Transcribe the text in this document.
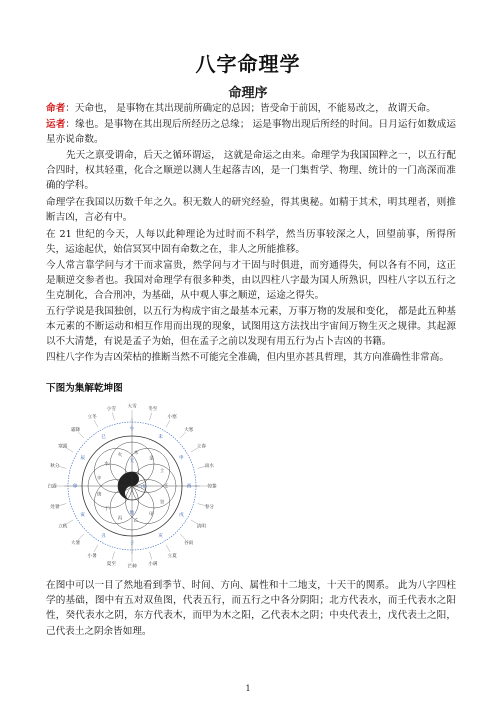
八字命理学
命理序

命者：天命也， 是事物在其出现前所确定的总因；皆受命于前因，不能易改之， 故谓天命。

运者：缘也。是事物在其出现后所经历之总缘； 运是事物出现后所经的时间。日月运行如数成运星亦说命数。

先天之禀受谓命，后天之循环谓运， 这就是命运之由来。命理学为我国国粹之一，以五行配合四时，权其轻重，化合之顺逆以测人生起落吉凶，是一门集哲学、物理、统计的一门高深而准确的学科。

命理学在我国以历数千年之久。积无数人的研究经验，得其奥秘。如精于其术，明其理者，则推断吉凶，言必有中。

在 21 世纪的今天，人每以此种理论为过时而不科学，然当历事较深之人，回望前事，所得所失，运途起伏，始信冥冥中固有命数之在，非人之所能推移。

今人常言靠学问与才干而求富贵，然学问与才干固与时俱进，而穷通得失，何以各有不同，这正是顺逆交参者也。我国对命理学有很多种类，由以四柱八字最为国人所熟识，四柱八字以五行之生克制化，合合刑冲，为基础，从中观人事之顺逆，运途之得失。

五行学说是我国独创，以五行为构成宇宙之最基本元素，万事万物的发展和变化， 都是此五种基本元素的不断运动和相互作用而出现的现象，试图用这方法找出宇宙间万物生灭之规律。其起源以不大清楚，有说是孟子为始，但在孟子之前以发现有用五行为占卜吉凶的书籍。

四柱八字作为吉凶荣枯的推断当然不可能完全准确，但内里亦甚具哲理，其方向准确性非常高。

下图为集解乾坤图
大雪
冬至
小寒
大寒
立春
雨水
惊蛰
春分
清明
谷雨
立夏
小满
芒种
夏至
小暑
大暑
立秋
处暑
白露
秋分
寒露
霜降
立冬
小雪
天
地
戊	壬
癸
甲
乙
丙
丁
庚
辛
水
火	木
金
土
子
丑
寅
卯
辰
巳
午
未
申
酉
戌
亥

在图中可以一目了然地看到季节、时间、方向、属性和十二地支，十天干的関系。 此为八字四柱学的基础，图中有五对双鱼图，代表五行，而五行之中各分阴阳；北方代表水，而壬代表水之阳性，癸代表水之阴，东方代表木，而甲为木之阳，乙代表木之阴；中央代表土，戊代表土之阳，己代表土之阴余皆如理。

1
